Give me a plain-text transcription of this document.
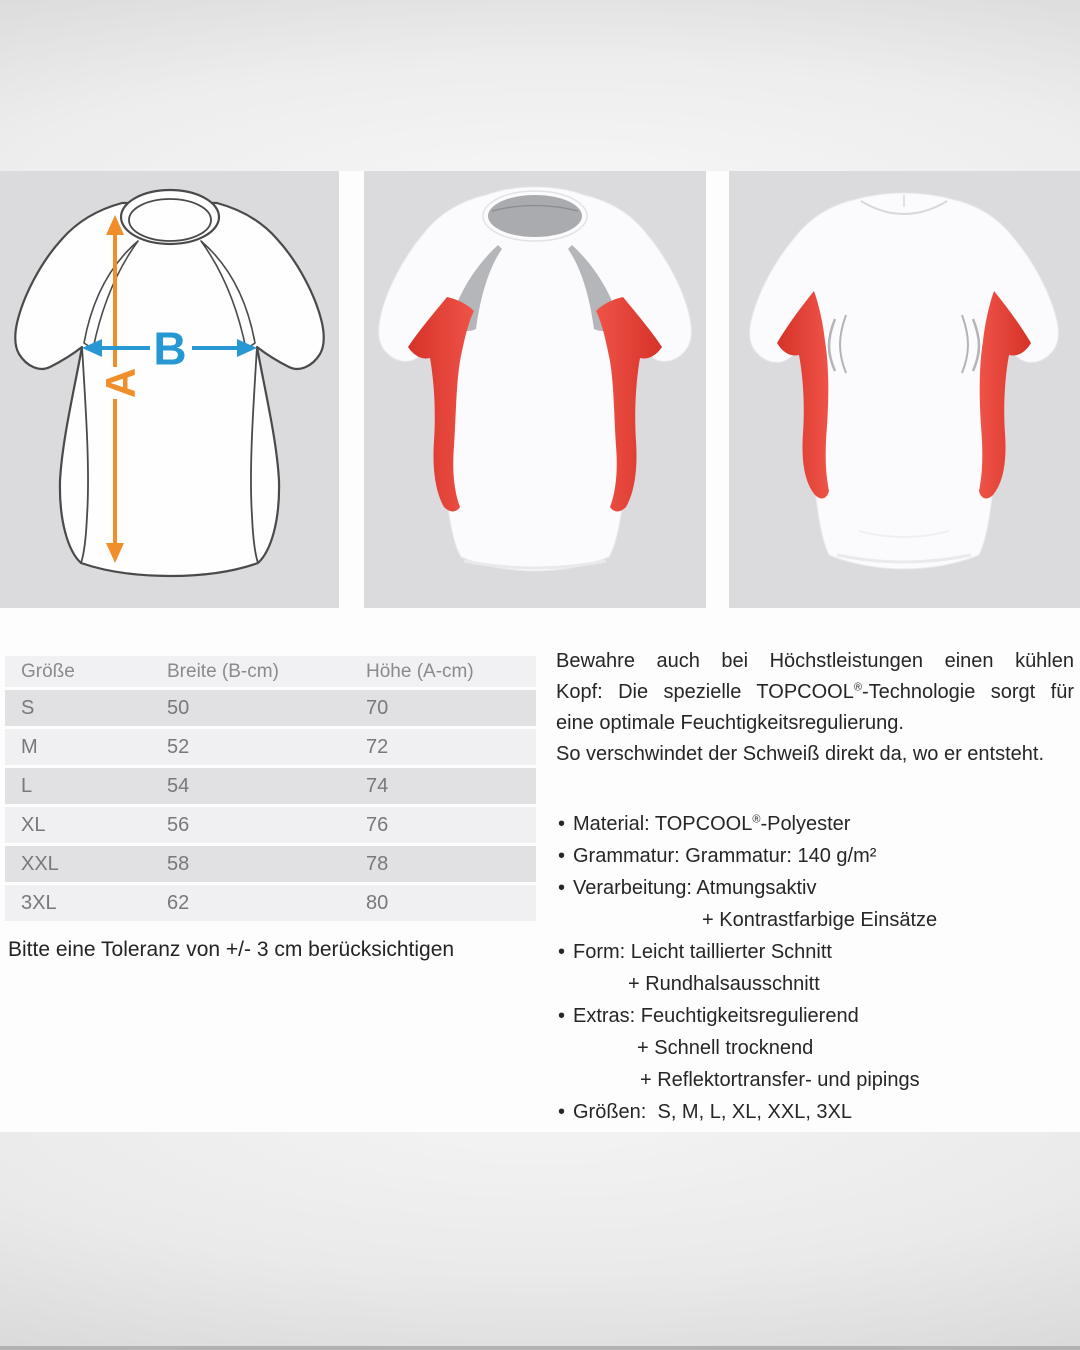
A
B
Größe	Breite (B-cm)	Höhe (A-cm)
S	50	70
M	52	72
L	54	74
XL	56	76
XXL	58	78
3XL	62	80
Bitte eine Toleranz von +/- 3 cm berücksichtigen
Bewahre auch bei Höchstleistungen einen kühlen
Kopf: Die spezielle TOPCOOL®-Technologie sorgt für
eine optimale Feuchtigkeitsregulierung.
So verschwindet der Schweiß direkt da, wo er entsteht.
• Material: TOPCOOL®-Polyester
• Grammatur: Grammatur: 140 g/m²
• Verarbeitung: Atmungsaktiv
+ Kontrastfarbige Einsätze
• Form: Leicht taillierter Schnitt
+ Rundhalsausschnitt
• Extras: Feuchtigkeitsregulierend
+ Schnell trocknend
+ Reflektortransfer- und pipings
• Größen:  S, M, L, XL, XXL, 3XL
